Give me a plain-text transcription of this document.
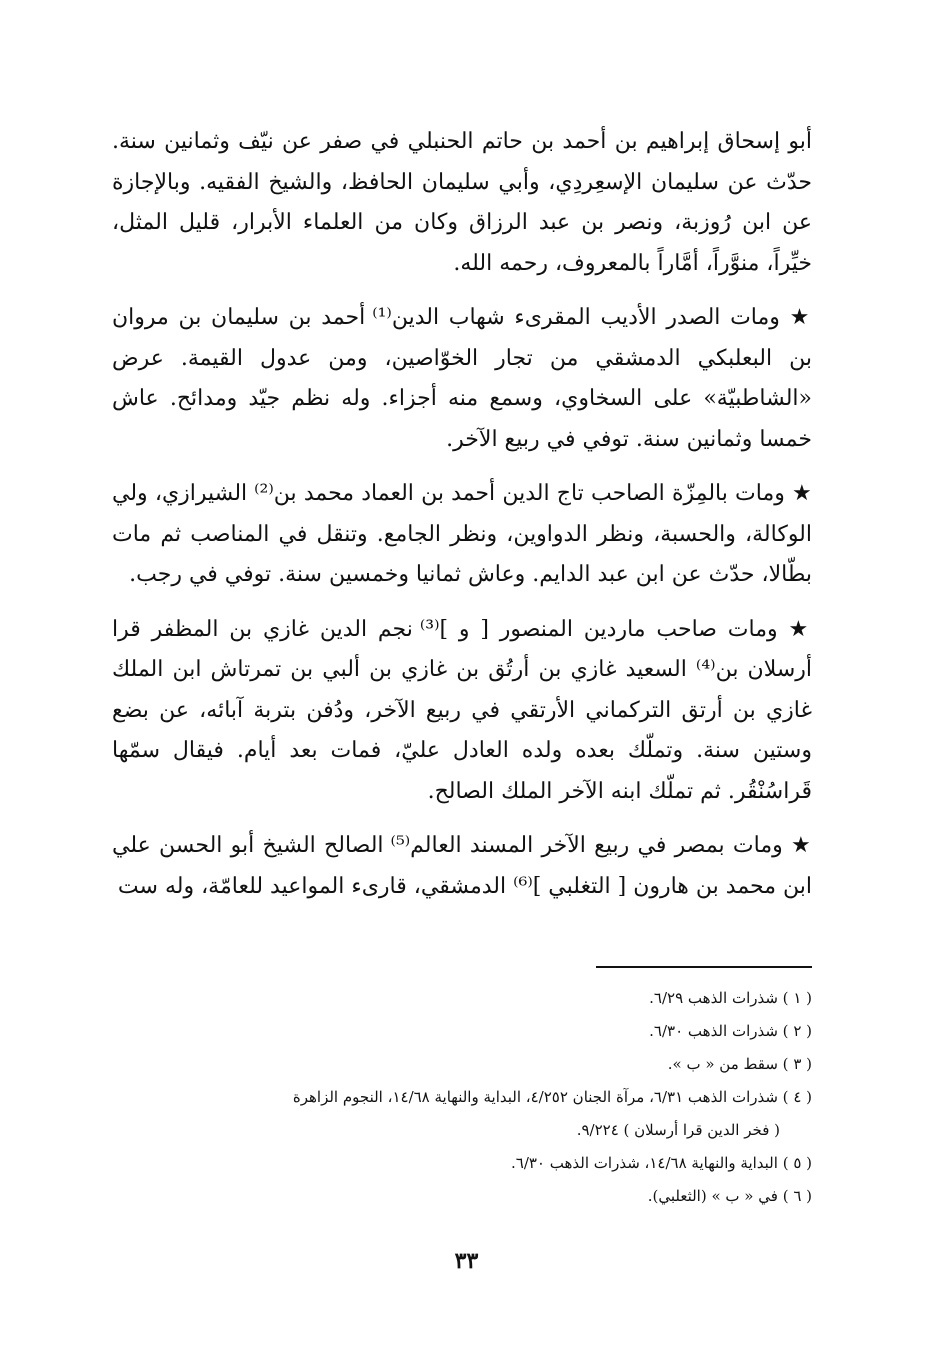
أبو إسحاق إبراهيم بن أحمد بن حاتم الحنبلي في صفر عن نيّف وثمانين سنة. حدّث عن سليمان الإسعِردِي، وأبي سليمان الحافظ، والشيخ الفقيه. وبالإجازة عن ابن رُوزبة، ونصر بن عبد الرزاق وكان من العلماء الأبرار، قليل المثل، خيِّراً، منوَّراً، أمَّاراً بالمعروف، رحمه الله.

★ ومات الصدر الأديب المقرىء شهاب الدين⁽¹⁾ أحمد بن سليمان بن مروان بن البعلبكي الدمشقي من تجار الخوّاصين، ومن عدول القيمة. عرض «الشاطبيّة» على السخاوي، وسمع منه أجزاء. وله نظم جيّد ومدائح. عاش خمسا وثمانين سنة. توفي في ربيع الآخر.

★ ومات بالمِزّة الصاحب تاج الدين أحمد بن العماد محمد بن⁽²⁾ الشيرازي، ولي الوكالة، والحسبة، ونظر الدواوين، ونظر الجامع. وتنقل في المناصب ثم مات بطّالا، حدّث عن ابن عبد الدايم. وعاش ثمانيا وخمسين سنة. توفي في رجب.

★ ومات صاحب ماردين المنصور [ و ]⁽³⁾ نجم الدين غازي بن المظفر قرا أرسلان بن⁽⁴⁾ السعيد غازي بن أرتُق بن غازي بن ألبي بن تمرتاش ابن الملك غازي بن أرتق التركماني الأرتقي في ربيع الآخر، ودُفن بتربة آبائه، عن بضع وستين سنة. وتملّك بعده ولده العادل عليّ، فمات بعد أيام. فيقال سمّها قَراسُنْقُر. ثم تملّك ابنه الآخر الملك الصالح.

★ ومات بمصر في ربيع الآخر المسند العالم⁽⁵⁾ الصالح الشيخ أبو الحسن علي ابن محمد بن هارون [ التغلبي ]⁽⁶⁾ الدمشقي، قارىء المواعيد للعامّة، وله ست

( ١ ) شذرات الذهب ٦/٢٩.

( ٢ ) شذرات الذهب ٦/٣٠.

( ٣ ) سقط من « ب ».

( ٤ ) شذرات الذهب ٦/٣١، مرآة الجنان ٤/٢٥٢، البداية والنهاية ١٤/٦٨، النجوم الزاهرة

( فخر الدين قرا أرسلان ) ٩/٢٢٤.

( ٥ ) البداية والنهاية ١٤/٦٨، شذرات الذهب ٦/٣٠.

( ٦ ) في « ب » (الثعلبي).

٣٣
